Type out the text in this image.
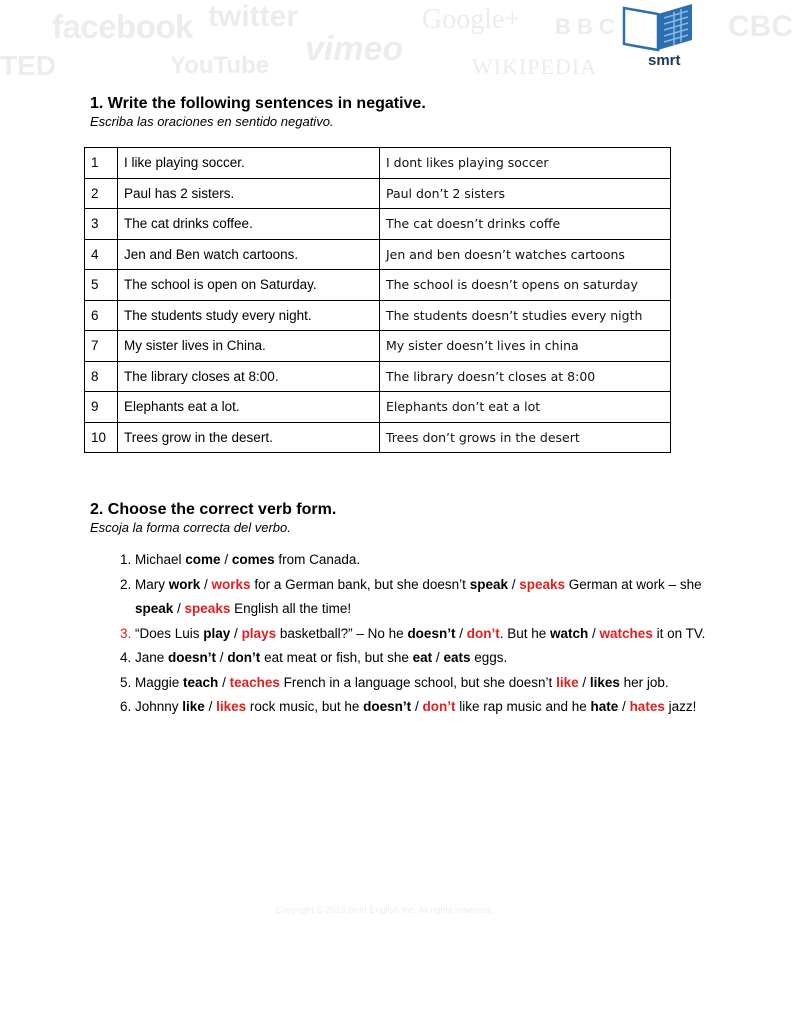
TED
facebook twitter
vimeo
YouTube
Google+
WIKIPEDIA
BBC	CBC
smrt
1. Write the following sentences in negative.

Escriba las oraciones en sentido negativo.

1	I like playing soccer.	I dont likes playing soccer
2	Paul has 2 sisters.	Paul don’t 2 sisters
3	The cat drinks coffee.	The cat doesn’t drinks coffe
4	Jen and Ben watch cartoons.	Jen and ben doesn’t watches cartoons
5	The school is open on Saturday.	The school is doesn’t opens on saturday
6	The students study every night.	The students doesn’t studies every nigth
7	My sister lives in China.	My sister doesn’t lives in china
8	The library closes at 8:00.	The library doesn’t closes at 8:00
9	Elephants eat a lot.	Elephants don’t eat a lot
10	Trees grow in the desert.	Trees don’t grows in the desert
2. Choose the correct verb form.

Escoja la forma correcta del verbo.

1. Michael come / comes from Canada.
2. Mary work / works for a German bank, but she doesn’t speak / speaks German at work – she speak / speaks English all the time!
3. “Does Luis play / plays basketball?” – No he doesn’t / don’t. But he watch / watches it on TV.
4. Jane doesn’t / don’t eat meat or fish, but she eat / eats eggs.
5. Maggie teach / teaches French in a language school, but she doesn’t like / likes her job.
6. Johnny like / likes rock music, but he doesn’t / don’t like rap music and he hate / hates jazz!
Copyright © 2013 Smrt English Inc. All rights reserved.
